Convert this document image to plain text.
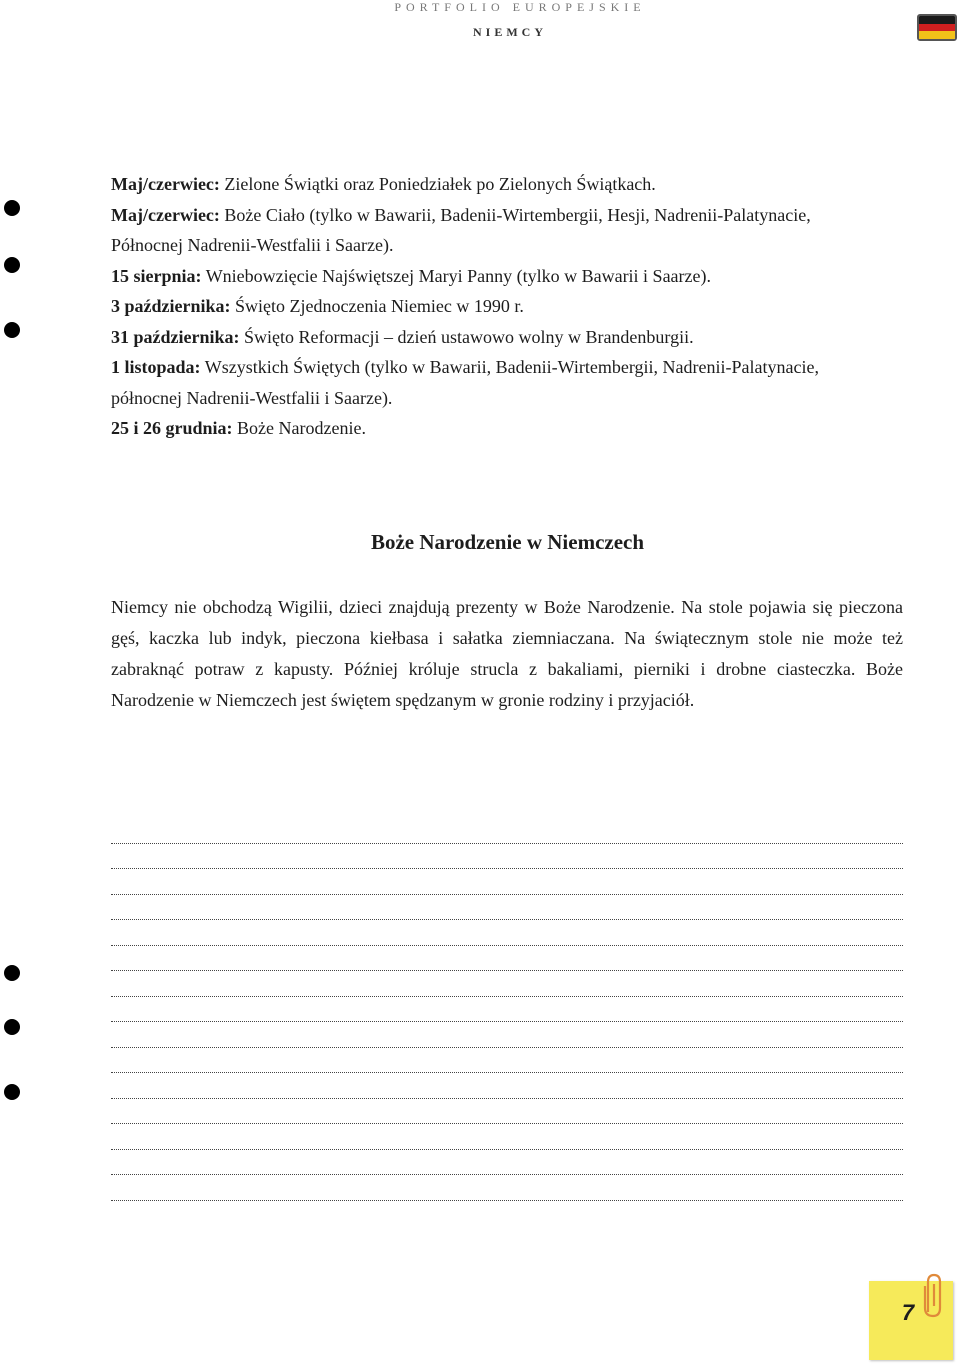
PORTFOLIO EUROPEJSKIE
NIEMCY

Maj/czerwiec: Zielone Świątki oraz Poniedziałek po Zielonych Świątkach.

Maj/czerwiec: Boże Ciało (tylko w Bawarii, Badenii-Wirtembergii, Hesji, Nadrenii-Palatynacie, Północnej Nadrenii-Westfalii i Saarze).

15 sierpnia: Wniebowzięcie Najświętszej Maryi Panny (tylko w Bawarii i Saarze).

3 października: Święto Zjednoczenia Niemiec w 1990 r.

31 października: Święto Reformacji – dzień ustawowo wolny w Brandenburgii.

1 listopada: Wszystkich Świętych (tylko w Bawarii, Badenii-Wirtembergii, Nadrenii-Palatynacie, północnej Nadrenii-Westfalii i Saarze).

25 i 26 grudnia: Boże Narodzenie.

Boże Narodzenie w Niemczech

Niemcy nie obchodzą Wigilii, dzieci znajdują prezenty w Boże Narodzenie. Na stole pojawia się pieczona gęś, kaczka lub indyk, pieczona kiełbasa i sałatka ziemniaczana. Na świątecznym stole nie może też zabraknąć potraw z kapusty. Później króluje strucla z bakaliami, pierniki i drobne ciasteczka. Boże Narodzenie w Niemczech jest świętem spędzanym w gronie rodziny i przyjaciół.

7
